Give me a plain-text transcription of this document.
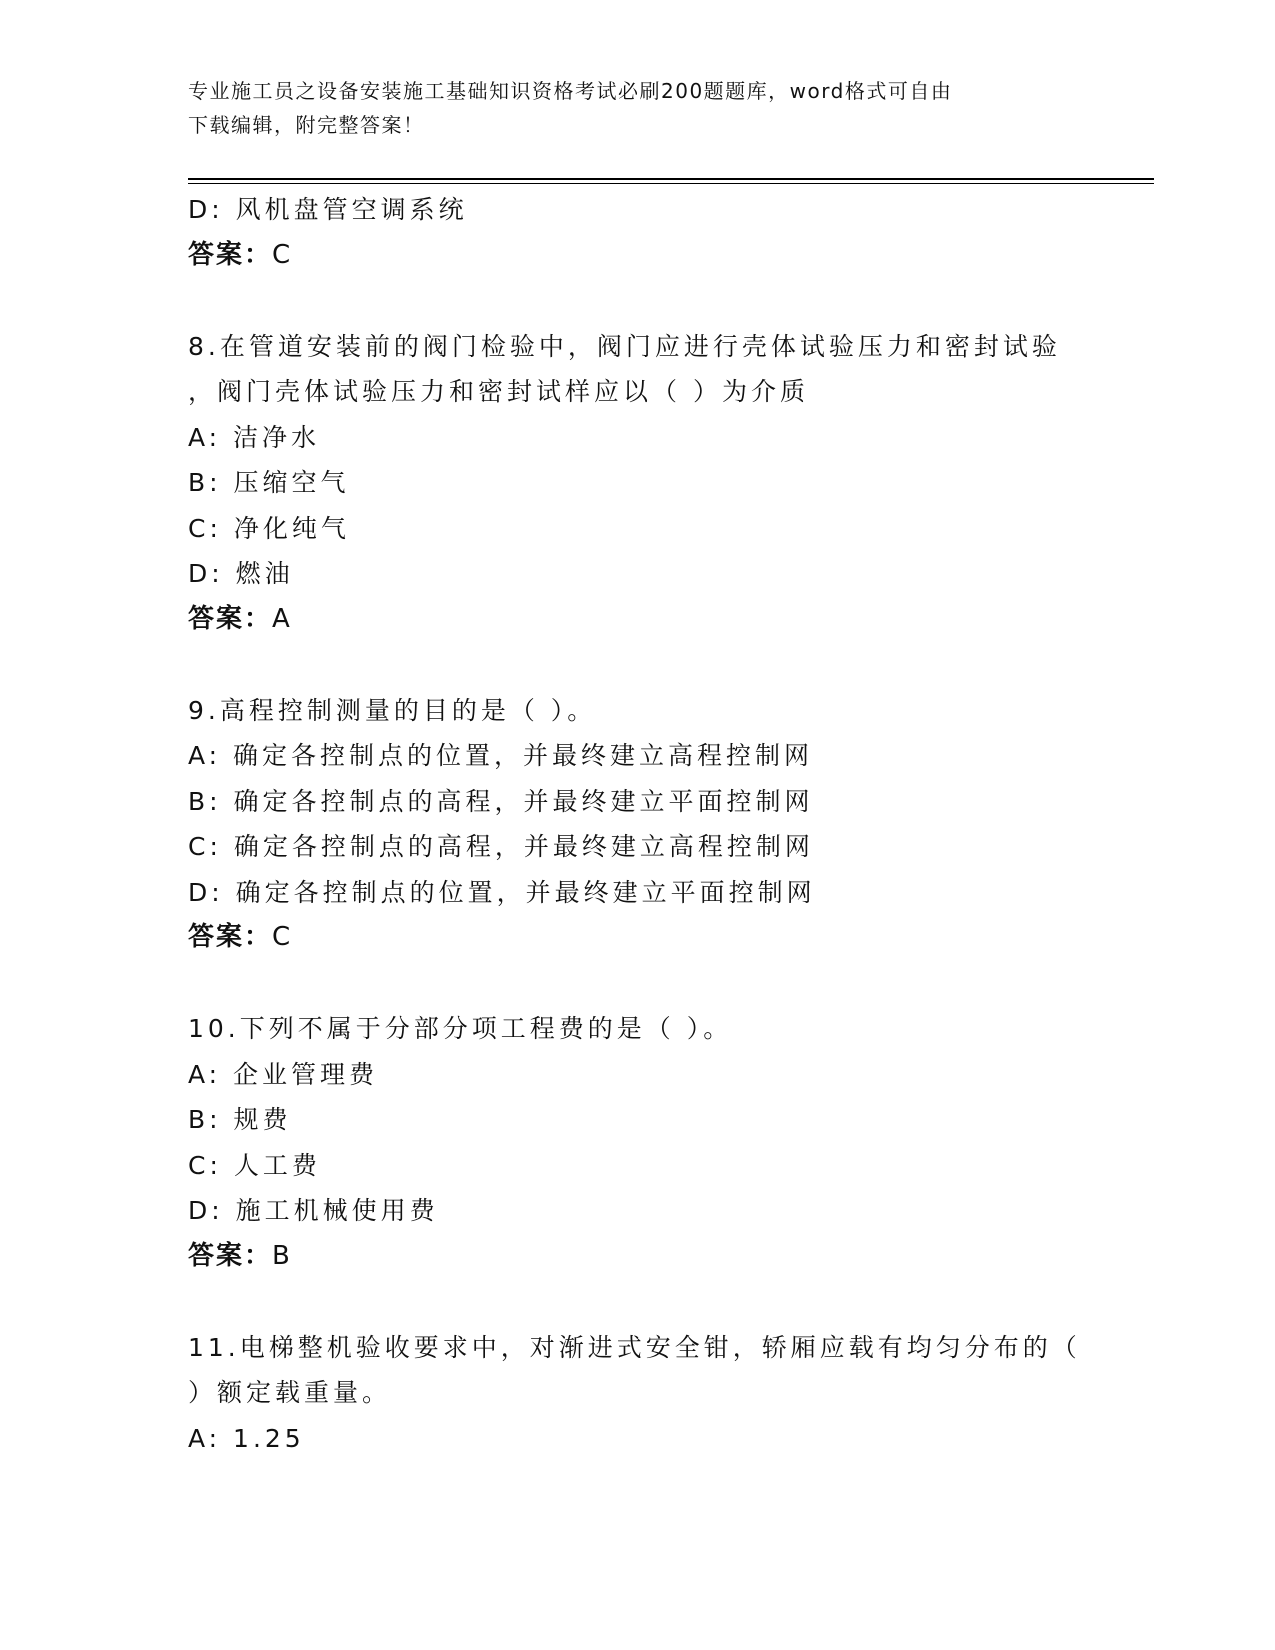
专业施工员之设备安装施工基础知识资格考试必刷200题题库，word格式可自由
下载编辑，附完整答案！
D: 风机盘管空调系统
答案：C
8.在管道安装前的阀门检验中，阀门应进行壳体试验压力和密封试验
，阀门壳体试验压力和密封试样应以（ ）为介质
A: 洁净水
B: 压缩空气
C: 净化纯气
D: 燃油
答案：A
9.高程控制测量的目的是（ ）。
A: 确定各控制点的位置，并最终建立高程控制网
B: 确定各控制点的高程，并最终建立平面控制网
C: 确定各控制点的高程，并最终建立高程控制网
D: 确定各控制点的位置，并最终建立平面控制网
答案：C
10.下列不属于分部分项工程费的是（ ）。
A: 企业管理费
B: 规费
C: 人工费
D: 施工机械使用费
答案：B
11.电梯整机验收要求中，对渐进式安全钳，轿厢应载有均匀分布的（
）额定载重量。
A: 1.25
